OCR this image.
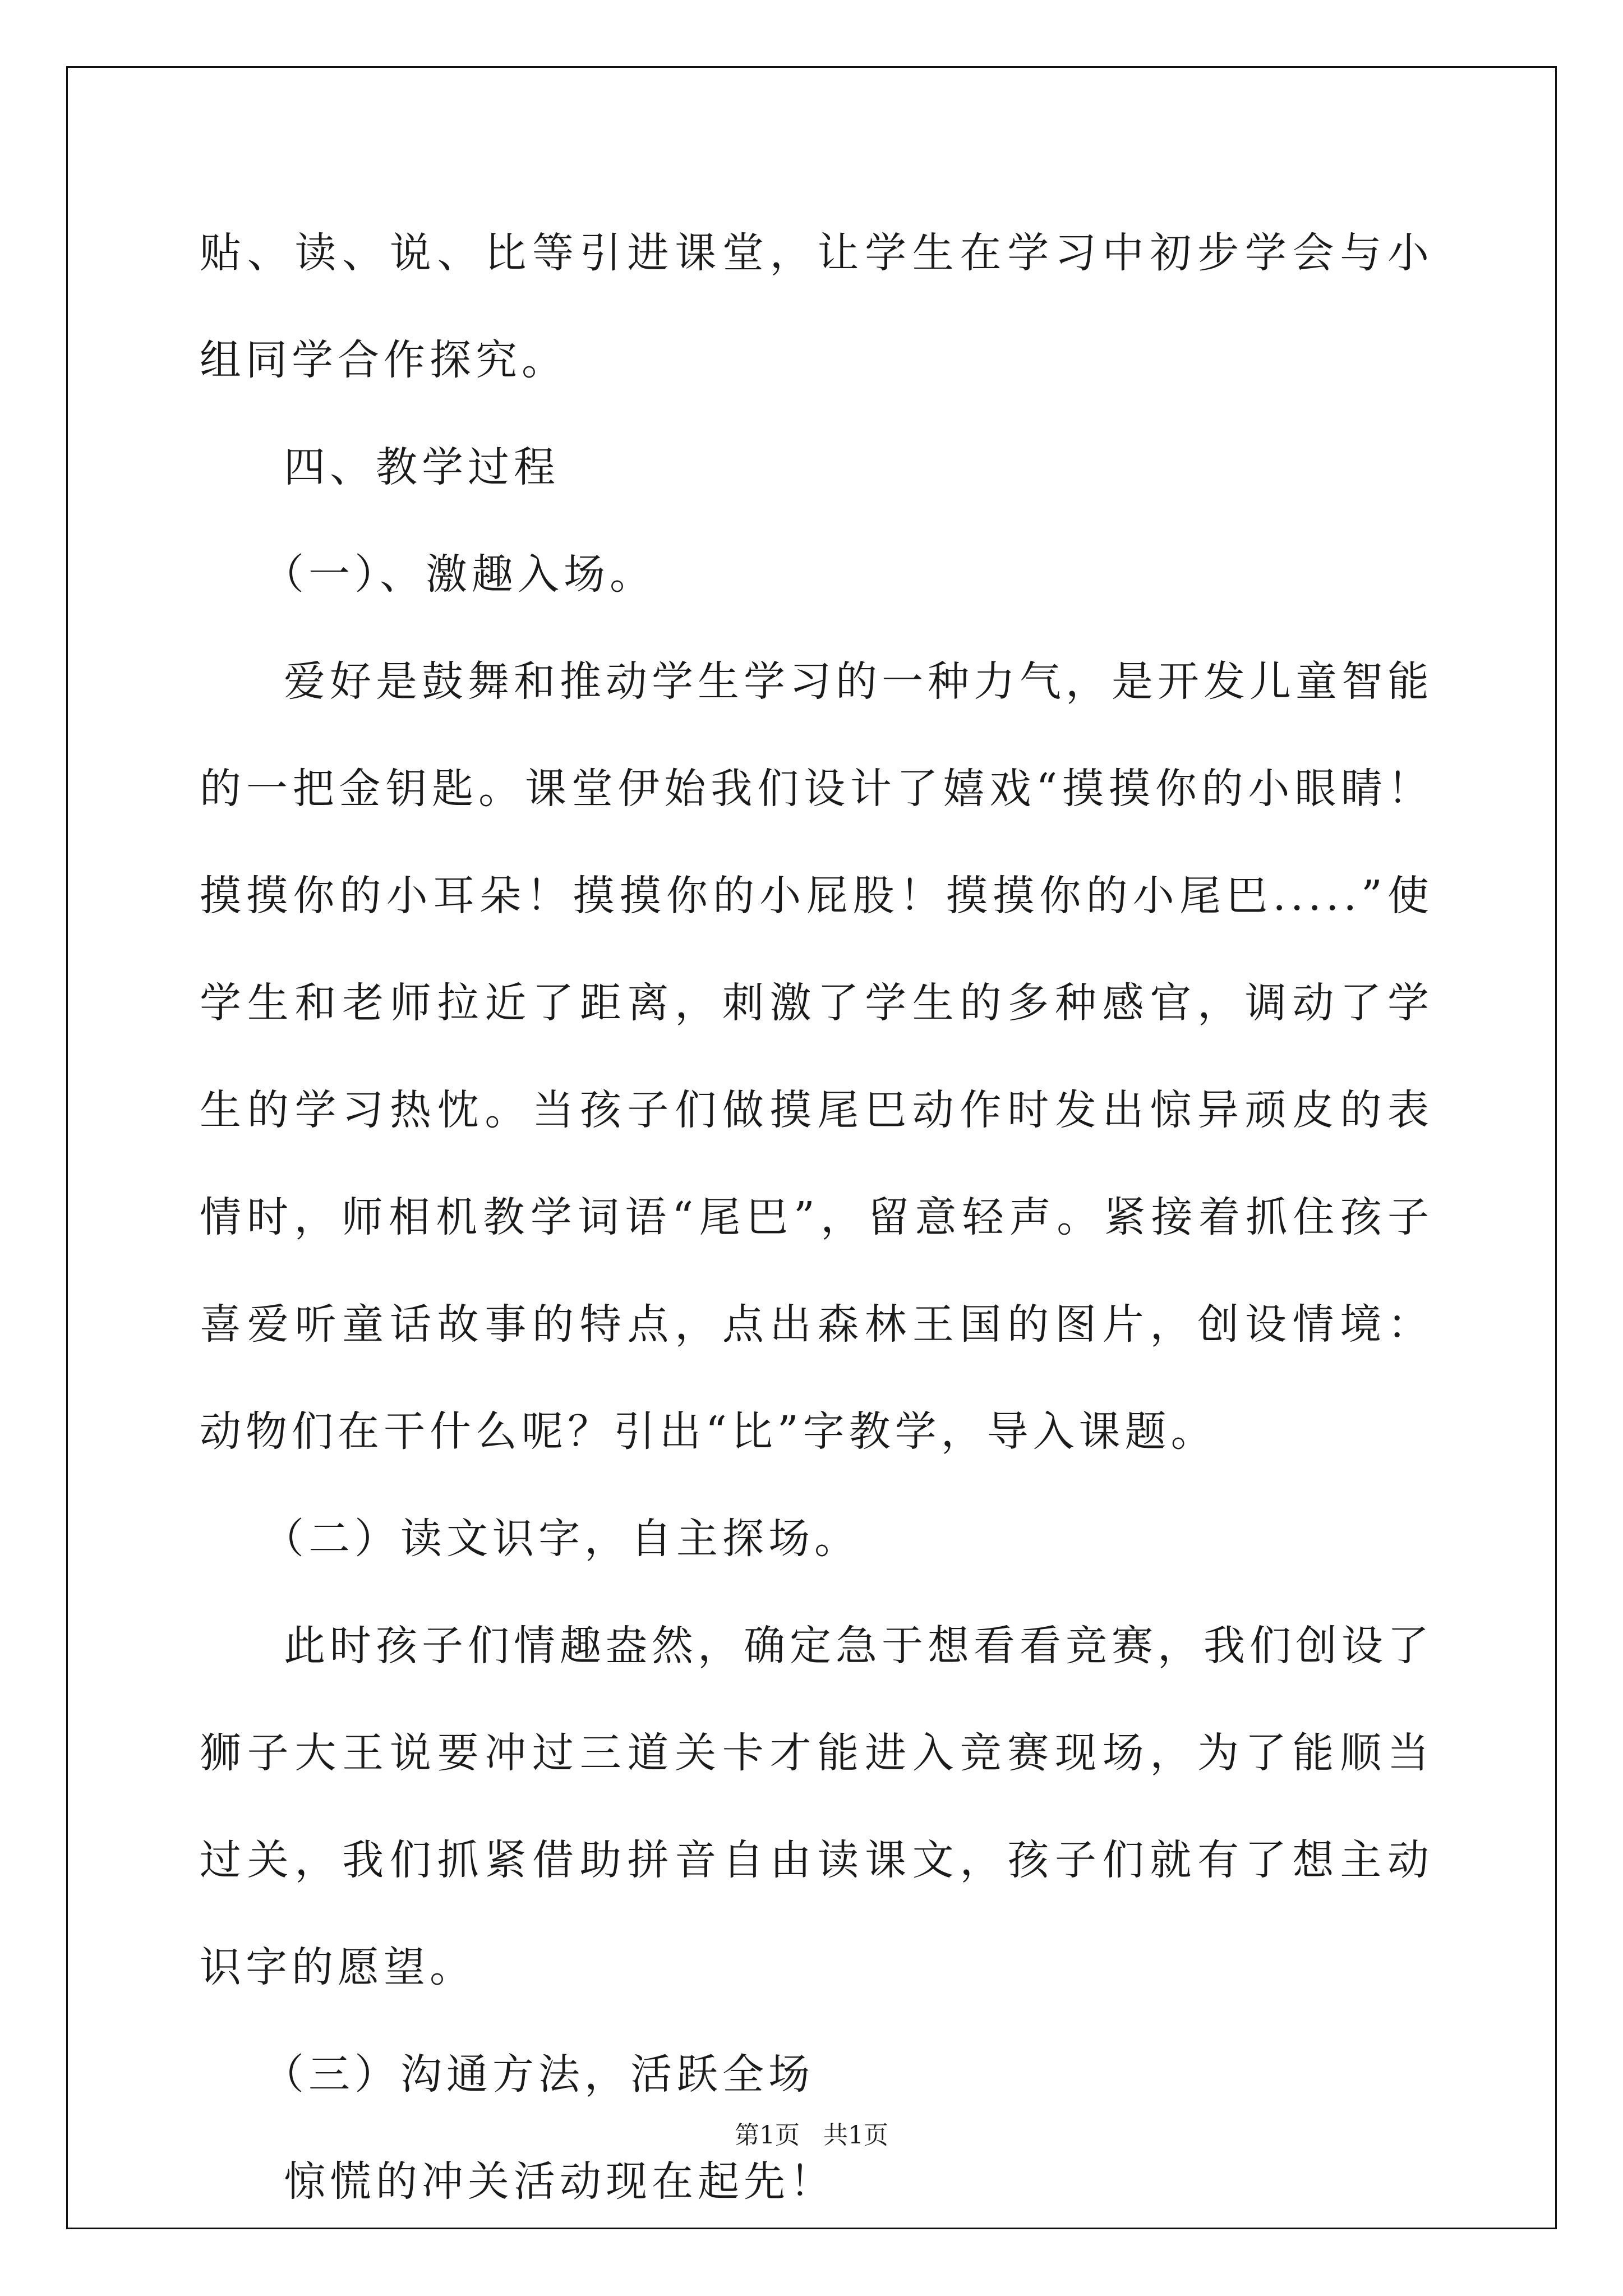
贴、读、说、比等引进课堂，让学生在学习中初步学会与小组同学合作探究。

四、教学过程

（一）、激趣入场。

爱好是鼓舞和推动学生学习的一种力气，是开发儿童智能的一把金钥匙。课堂伊始我们设计了嬉戏“摸摸你的小眼睛！摸摸你的小耳朵！摸摸你的小屁股！摸摸你的小尾巴.....”使学生和老师拉近了距离，刺激了学生的多种感官，调动了学生的学习热忱。当孩子们做摸尾巴动作时发出惊异顽皮的表情时，师相机教学词语“尾巴”，留意轻声。紧接着抓住孩子喜爱听童话故事的特点，点出森林王国的图片，创设情境：动物们在干什么呢？引出“比”字教学，导入课题。

（二）读文识字，自主探场。

此时孩子们情趣盎然，确定急于想看看竞赛，我们创设了狮子大王说要冲过三道关卡才能进入竞赛现场，为了能顺当过关，我们抓紧借助拼音自由读课文，孩子们就有了想主动识字的愿望。

（三）沟通方法，活跃全场

惊慌的冲关活动现在起先！

第1页 共1页
